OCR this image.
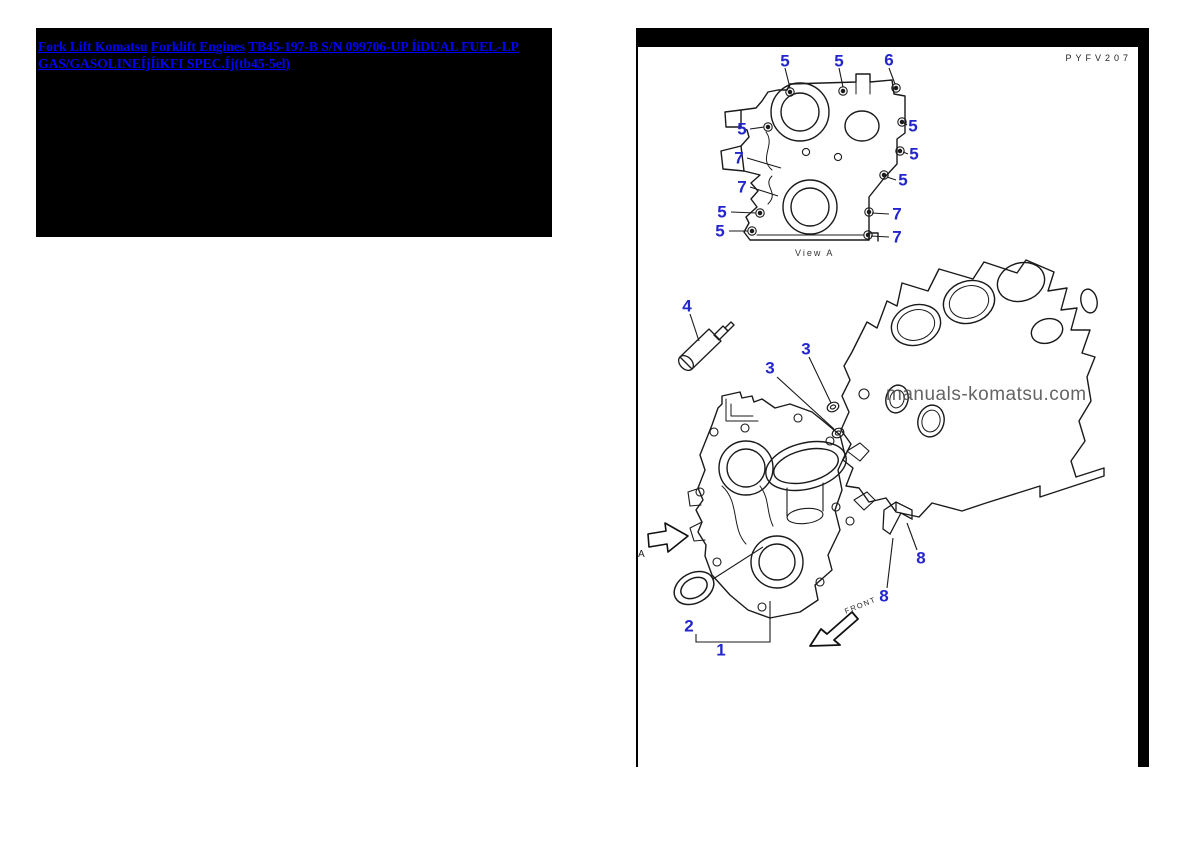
Fork Lift Komatsu Forklift Engines TB45-197-B S/N 099706-UP ÍiDUAL FUEL-LP GAS/GASOLINEÍjÍiKFI SPEC.Íj(tb45-5el)
manuals-komatsu.com
PYFV207
View A
A
FRONT
5	5 6
5
7
7
5
5
5
5
5
7
7
4
3
3
8
8
2
1
